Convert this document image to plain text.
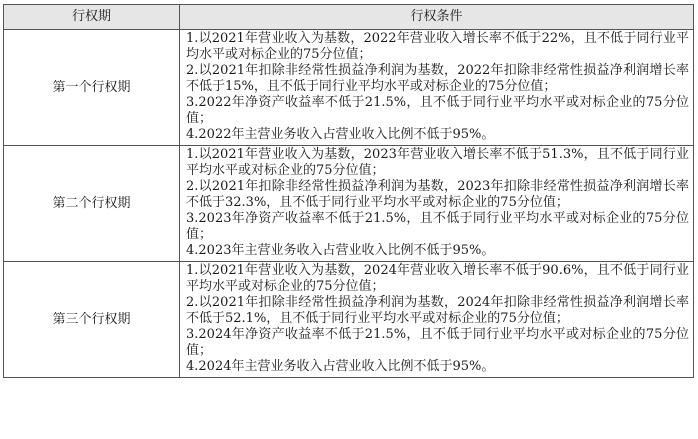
行权期	行权条件
第一个行权期	1.以2021年营业收入为基数，2022年营业收入增长率不低于22%，且不低于同行业平均水平或对标企业的75分位值；
2.以2021年扣除非经常性损益净利润为基数，2022年扣除非经常性损益净利润增长率不低于15%，且不低于同行业平均水平或对标企业的75分位值；
3.2022年净资产收益率不低于21.5%，且不低于同行业平均水平或对标企业的75分位值；
4.2022年主营业务收入占营业收入比例不低于95%。

第二个行权期	1.以2021年营业收入为基数，2023年营业收入增长率不低于51.3%，且不低于同行业平均水平或对标企业的75分位值；
2.以2021年扣除非经常性损益净利润为基数，2023年扣除非经常性损益净利润增长率不低于32.3%，且不低于同行业平均水平或对标企业的75分位值；
3.2023年净资产收益率不低于21.5%，且不低于同行业平均水平或对标企业的75分位值；
4.2023年主营业务收入占营业收入比例不低于95%。

第三个行权期	1.以2021年营业收入为基数，2024年营业收入增长率不低于90.6%，且不低于同行业平均水平或对标企业的75分位值；
2.以2021年扣除非经常性损益净利润为基数，2024年扣除非经常性损益净利润增长率不低于52.1%，且不低于同行业平均水平或对标企业的75分位值；
3.2024年净资产收益率不低于21.5%，且不低于同行业平均水平或对标企业的75分位值；
4.2024年主营业务收入占营业收入比例不低于95%。
